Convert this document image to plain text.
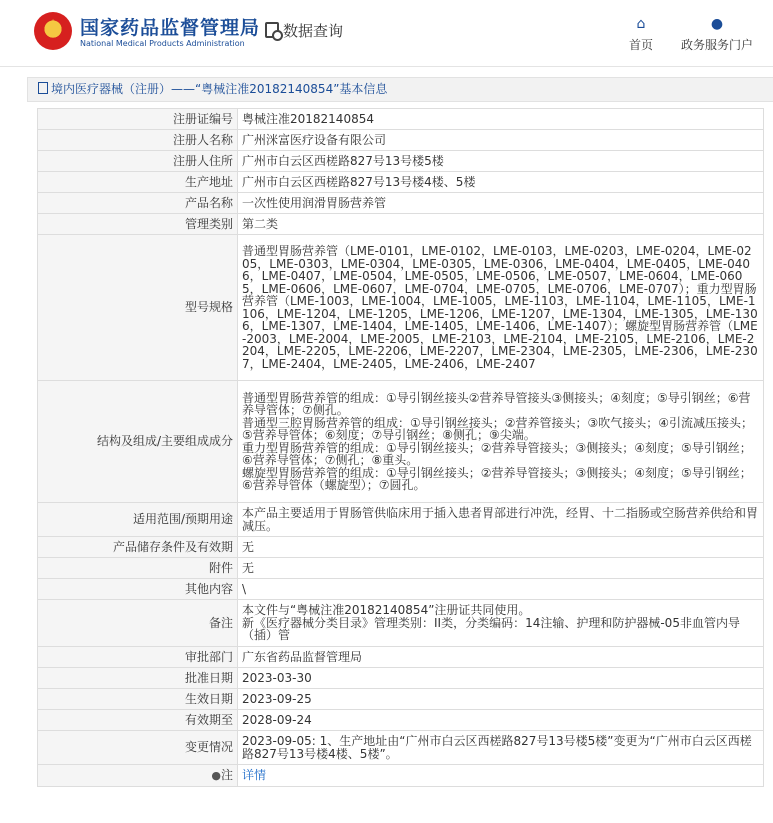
★	国家药品监督管理局
National Medical Products Administration
数据查询	⌂
首页
●
政务服务门户
境内医疗器械（注册）——“粤械注准20182140854”基本信息
注册证编号	粤械注准20182140854
注册人名称	广州洣富医疗设备有限公司
注册人住所	广州市白云区西槎路827号13号楼5楼
生产地址	广州市白云区西槎路827号13号楼4楼、5楼
产品名称	一次性使用润滑胃肠营养管
管理类别	第二类
型号规格	普通型胃肠营养管（LME-0101，LME-0102，LME-0103，LME-0203，LME-0204，LME-0205，LME-0303，LME-0304，LME-0305，LME-0306，LME-0404，LME-0405，LME-0406，LME-0407，LME-0504，LME-0505，LME-0506，LME-0507，LME-0604，LME-0605，LME-0606，LME-0607，LME-0704，LME-0705，LME-0706，LME-0707）；重力型胃肠营养管（LME-1003，LME-1004，LME-1005，LME-1103，LME-1104，LME-1105，LME-1106，LME-1204，LME-1205，LME-1206，LME-1207，LME-1304，LME-1305，LME-1306，LME-1307，LME-1404，LME-1405，LME-1406，LME-1407）；螺旋型胃肠营养管（LME-2003，LME-2004，LME-2005，LME-2103，LME-2104，LME-2105，LME-2106，LME-2204，LME-2205，LME-2206，LME-2207，LME-2304，LME-2305，LME-2306，LME-2307，LME-2404，LME-2405，LME-2406，LME-2407
结构及组成/主要组成成分	普通型胃肠营养管的组成：①导引钢丝接头②营养导管接头③侧接头；④刻度；⑤导引钢丝；⑥营养导管体；⑦侧孔。
普通型三腔胃肠营养管的组成：①导引钢丝接头；②营养管接头；③吹气接头；④引流减压接头；⑤营养导管体；⑥刻度；⑦导引钢丝；⑧侧孔；⑨尖端。
重力型胃肠营养管的组成：①导引钢丝接头；②营养导管接头；③侧接头；④刻度；⑤导引钢丝；⑥营养导管体；⑦侧孔；⑧重头。
螺旋型胃肠营养管的组成：①导引钢丝接头；②营养导管接头；③侧接头；④刻度；⑤导引钢丝；⑥营养导管体（螺旋型）；⑦圆孔。
适用范围/预期用途	本产品主要适用于胃肠管供临床用于插入患者胃部进行冲洗，经胃、十二指肠或空肠营养供给和胃减压。
产品储存条件及有效期	无
附件	无
其他内容	\
备注	本文件与“粤械注准20182140854”注册证共同使用。
新《医疗器械分类目录》管理类别：II类，分类编码：14注输、护理和防护器械-05非血管内导（插）管
审批部门	广东省药品监督管理局
批准日期	2023-03-30
生效日期	2023-09-25
有效期至	2028-09-24
变更情况	2023-09-05: 1、生产地址由“广州市白云区西槎路827号13号楼5楼”变更为“广州市白云区西槎路827号13号楼4楼、5楼”。
●注	详情
